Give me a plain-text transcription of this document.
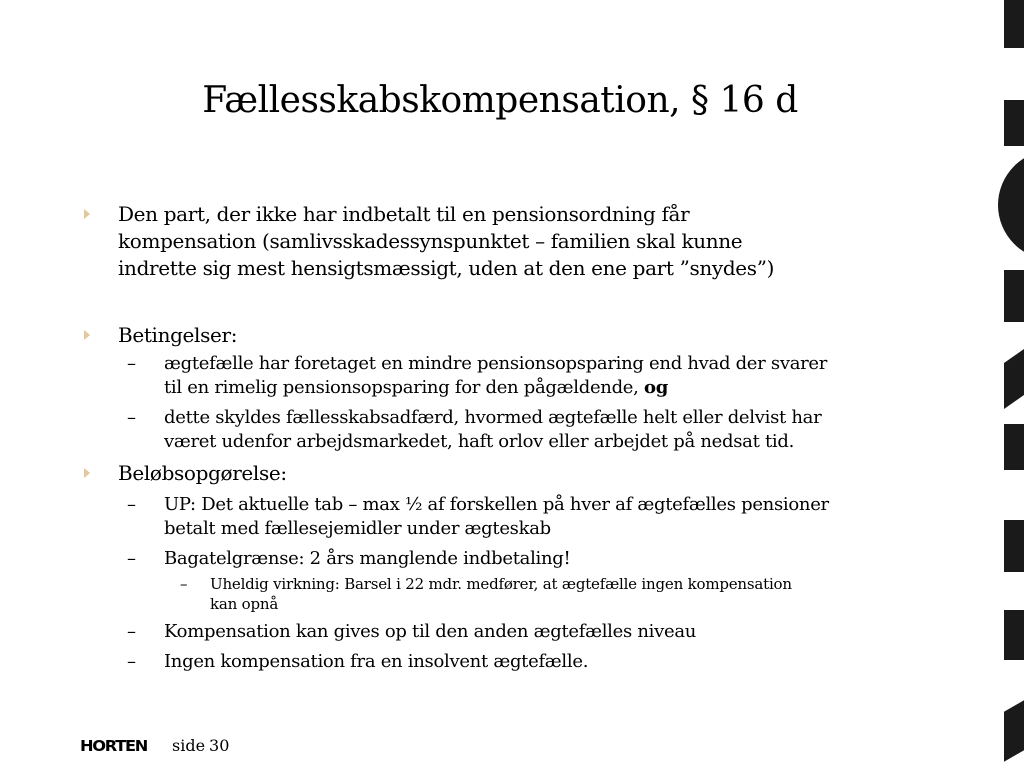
Fællesskabskompensation, § 16 d
Den part, der ikke har indbetalt til en pensionsordning får
kompensation (samlivsskadessynspunktet – familien skal kunne
indrette sig mest hensigtsmæssigt, uden at den ene part ”snydes”)
Betingelser:
– ægtefælle har foretaget en mindre pensionsopsparing end hvad der svarer
til en rimelig pensionsopsparing for den pågældende, og
– dette skyldes fællesskabsadfærd, hvormed ægtefælle helt eller delvist har
været udenfor arbejdsmarkedet, haft orlov eller arbejdet på nedsat tid.
Beløbsopgørelse:
– UP: Det aktuelle tab – max ½ af forskellen på hver af ægtefælles pensioner
betalt med fællesejemidler under ægteskab
– Bagatelgrænse: 2 års manglende indbetaling!
– Uheldig virkning: Barsel i 22 mdr. medfører, at ægtefælle ingen kompensation
kan opnå
– Kompensation kan gives op til den anden ægtefælles niveau
– Ingen kompensation fra en insolvent ægtefælle.
HORTEN side 30
